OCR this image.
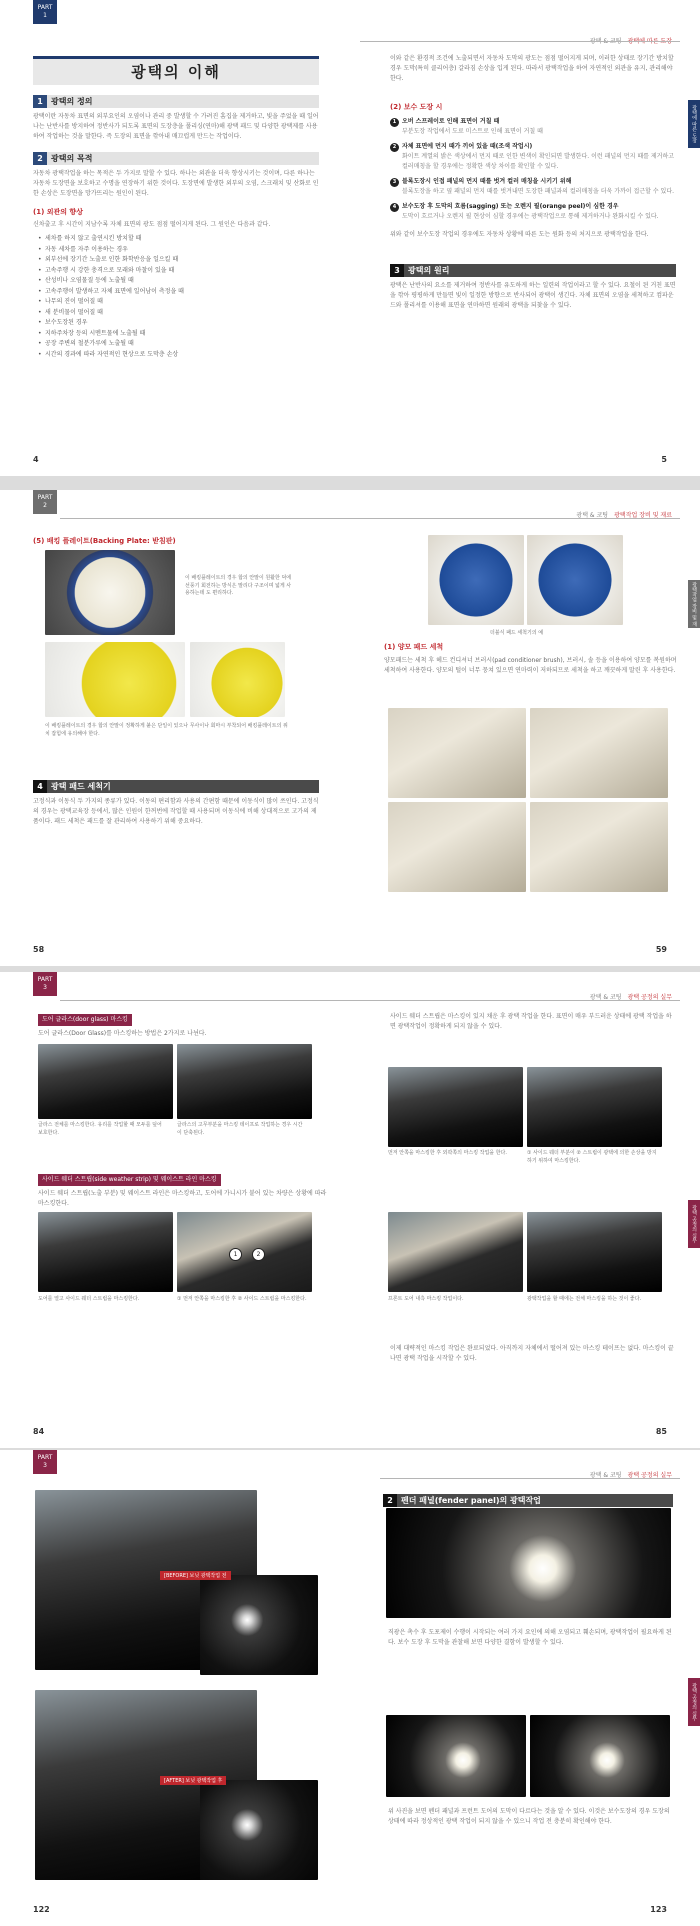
PART
1
광택 & 코팅 광택에 따른 도장
광택에 따른 도장
광택의 이해
1 광택의 정의

광택이란 자동차 표면의 외부요인의 오염이나 관리 중 발생할 수 가려진 흠집을 제거하고, 빛을 주었을 때 일어나는 난반사를 방지하여 정반사가 되도록 표면의 도장층을 폴리싱(연마)해 광택 패드 및 다양한 광택제를 사용하여 작업하는 것을 말한다. 즉 도장의 표면을 깎아내 매끄럽게 만드는 작업이다.

2 광택의 목적

자동차 광택작업을 하는 목적은 두 가지로 말할 수 있다. 하나는 외관을 더욱 향상시키는 것이며, 다른 하나는 자동차 도장면을 보호하고 수명을 연장하기 위한 것이다. 도장면에 발생한 외부의 오염, 스크래치 및 산화로 인한 손상은 도장면을 망가뜨리는 원인이 된다.

(1) 외관의 향상

신차출고 후 시간이 지남수록 자체 표면의 광도 점점 떨어지게 된다. 그 원인은 다음과 같다.

• 세차를 하지 않고 출연시킨 방치할 때
• 자동 세차를 자주 이용하는 경우
• 외부선에 장기간 노출로 인한 화학반응을 일으킬 때
• 고속주행 시 강한 충격으로 모래와 마찰이 있을 때
• 산성비나 오염물질 등에 노출될 때
• 고속주행이 발생하고 자체 표면에 일어남이 측정을 때
• 나무의 진이 떨어질 때
• 새 분비물이 떨어질 때
• 보수도장된 경우
• 지하주차장 등의 시멘트물에 노출될 때
• 공장 주변의 철분가루에 노출될 때
• 시간의 경과에 따라 자연적인 현상으로 도막층 손상
4

이와 같은 환경적 조건에 노출되면서 자동차 도막의 광도는 점점 떨어지게 되며, 이러한 상태로 장기간 방치할 경우 도막(특히 클리어층) 갈라짐 손상을 입게 된다. 따라서 광택작업을 하여 자연적인 외관을 유지, 관리해야 한다.

(2) 보수 도장 시
1 오버 스프레이로 인해 표면이 거칠 때
부분도장 작업에서 도료 미스트로 인해 표면이 거칠 때
2 자체 표면에 먼지 때가 끼어 있을 때(조색 작업시)
화이트 계열의 밝은 색상에서 먼지 때로 인한 변색이 확인되면 발생한다. 이런 패널의 먼지 때를 제거하고 컬러매칭을 할 경우에는 정확한 색상 차이를 확인할 수 있다.
3 블록도장시 인접 패널의 먼지 때를 벗겨 컬러 매칭을 시키기 위해
블록도장을 하고 옆 패널의 먼지 때를 벗겨내면 도장한 패널과의 컬러매칭을 더욱 가까이 접근할 수 있다.
4 보수도장 후 도막의 흐름(sagging) 또는 오렌지 필(orange peel)이 심한 경우
도막이 흐르거나 오렌지 필 현상이 심할 경우에는 광택작업으로 통해 제거하거나 완화시킬 수 있다.

위와 같이 보수도장 작업의 경우에도 자동차 상황에 따른 도는 원화 등의 처지으로 광택작업을 한다.

3 광택의 원리

광택은 난반사의 요소를 제거하여 정반사를 유도하게 하는 일련의 작업이라고 할 수 있다. 요철이 된 거친 표면을 깎아 평평하게 만들면 빛이 일정한 방향으로 반사되어 광택이 생긴다. 자체 표면의 오염을 세척하고 컴파운드와 폴리셔를 이용해 표면을 연마하면 원래의 광택을 되찾을 수 있다.

5
PART
2
광택 & 코팅 광택작업 장비 및 재료
광택작업 장비 및 재료
(5) 배킹 플레이트(Backing Plate: 받침판)
이 배킹플레이트의 경우 합의 안말이 원활한 덕에 선풍기 회전하는 방식은 말리다 구조이며 넓게 사용하는데 도 편리하다.
이 배킹플레이트의 경우 합의 안말이 정확하게 붙은 단일이 있으나 무사이나 회마시 부착되어 배킹플레이트의 위치 잡힘에 유의해야 한다.
4 광택 패드 세척기

고정식과 이동식 두 가지의 종류가 있다. 이동의 편리함과 사용의 간편함 때문에 이동식이 많이 쓰인다. 고정식의 경우는 광택교육장 등에서, 많은 인원이 한꺼번에 작업할 때 사용되며 이동식에 비해 상대적으로 고가의 제품이다. 패드 세척은 패드를 잘 관리하여 사용하기 위해 중요하다.

58
더블식 패드 세척기의 예
(1) 양모 패드 세척

양모패드는 세척 후 헤드 컨디셔너 브러시(pad conditioner brush), 브러시, 솔 등을 이용하여 양모를 복원하며 세척하여 사용한다. 양모의 털이 너무 뭉쳐 있으면 연마력이 저하되므로 세척을 하고 깨끗하게 말린 후 사용한다.

59
PART
3
광택 & 코팅 광택 공정의 실무
광택 공정의 실무
도어 글라스(door glass) 마스킹

도어 글라스(Door Glass)를 마스킹하는 방법은 2가지로 나뉜다.

글라스 전체를 마스킹한다. 유리를 작업할 때 모두를 덮어 보호한다.
글라스의 고무부분을 마스킹 테이프로 작업하는 경우 시간이 단축된다.
사이드 웨더 스트립(side weather strip) 및 웨이스트 라인 마스킹

사이드 웨더 스트립(노출 부분) 및 웨이스트 라인은 마스킹하고, 도어에 가니시가 붙어 있는 차량은 상황에 따라 마스킹한다.

1	2
도어를 열고 사이드 웨더 스트립을 마스킹한다.	① 먼저 안쪽을 마스킹한 후 ② 사이드 스트립을 마스킹한다.
84

사이드 웨더 스트립은 마스킹이 있지 채운 후 광택 작업을 한다. 표면이 매우 부드러운 상태에 광택 작업을 하면 광택작업이 정확하게 되지 않을 수 있다.

먼저 안쪽을 마스킹한 후 외곽쪽의 마스킹 작업을 한다.	① 사이드 웨더 부분이 ② 스트립이 광택에 의한 손상을 방지하기 위하여 마스킹한다.
프론트 도어 내측 마스킹 작업이다.	광택작업을 할 때에는 전체 마스킹을 하는 것이 좋다.

이제 대략적인 마스킹 작업은 완료되었다. 아직까지 자체에서 떨어져 있는 마스킹 테이프는 없다. 마스킹이 끝나면 광택 작업을 시작할 수 있다.

85
PART
3
광택 & 코팅 광택 공정의 실무
광택 공정의 실무
[BEFORE] 보닛 광택작업 전
[AFTER] 보닛 광택작업 후
122
2 펜더 패널(fender panel)의 광택작업

직광은 촉수 후 도포제이 수행이 시작되는 여러 가지 요인에 의해 오염되고 훼손되며, 광택작업이 필요하게 된다. 보수 도장 후 도막을 관찰해 보면 다양한 결함이 발생할 수 있다.

위 사진을 보면 펜더 패널과 프런트 도어의 도막이 다르다는 것을 알 수 있다. 이것은 보수도장의 경우 도장의 상태에 따라 정상적인 광택 작업이 되지 않을 수 있으니 작업 전 충분히 확인해야 한다.

123
